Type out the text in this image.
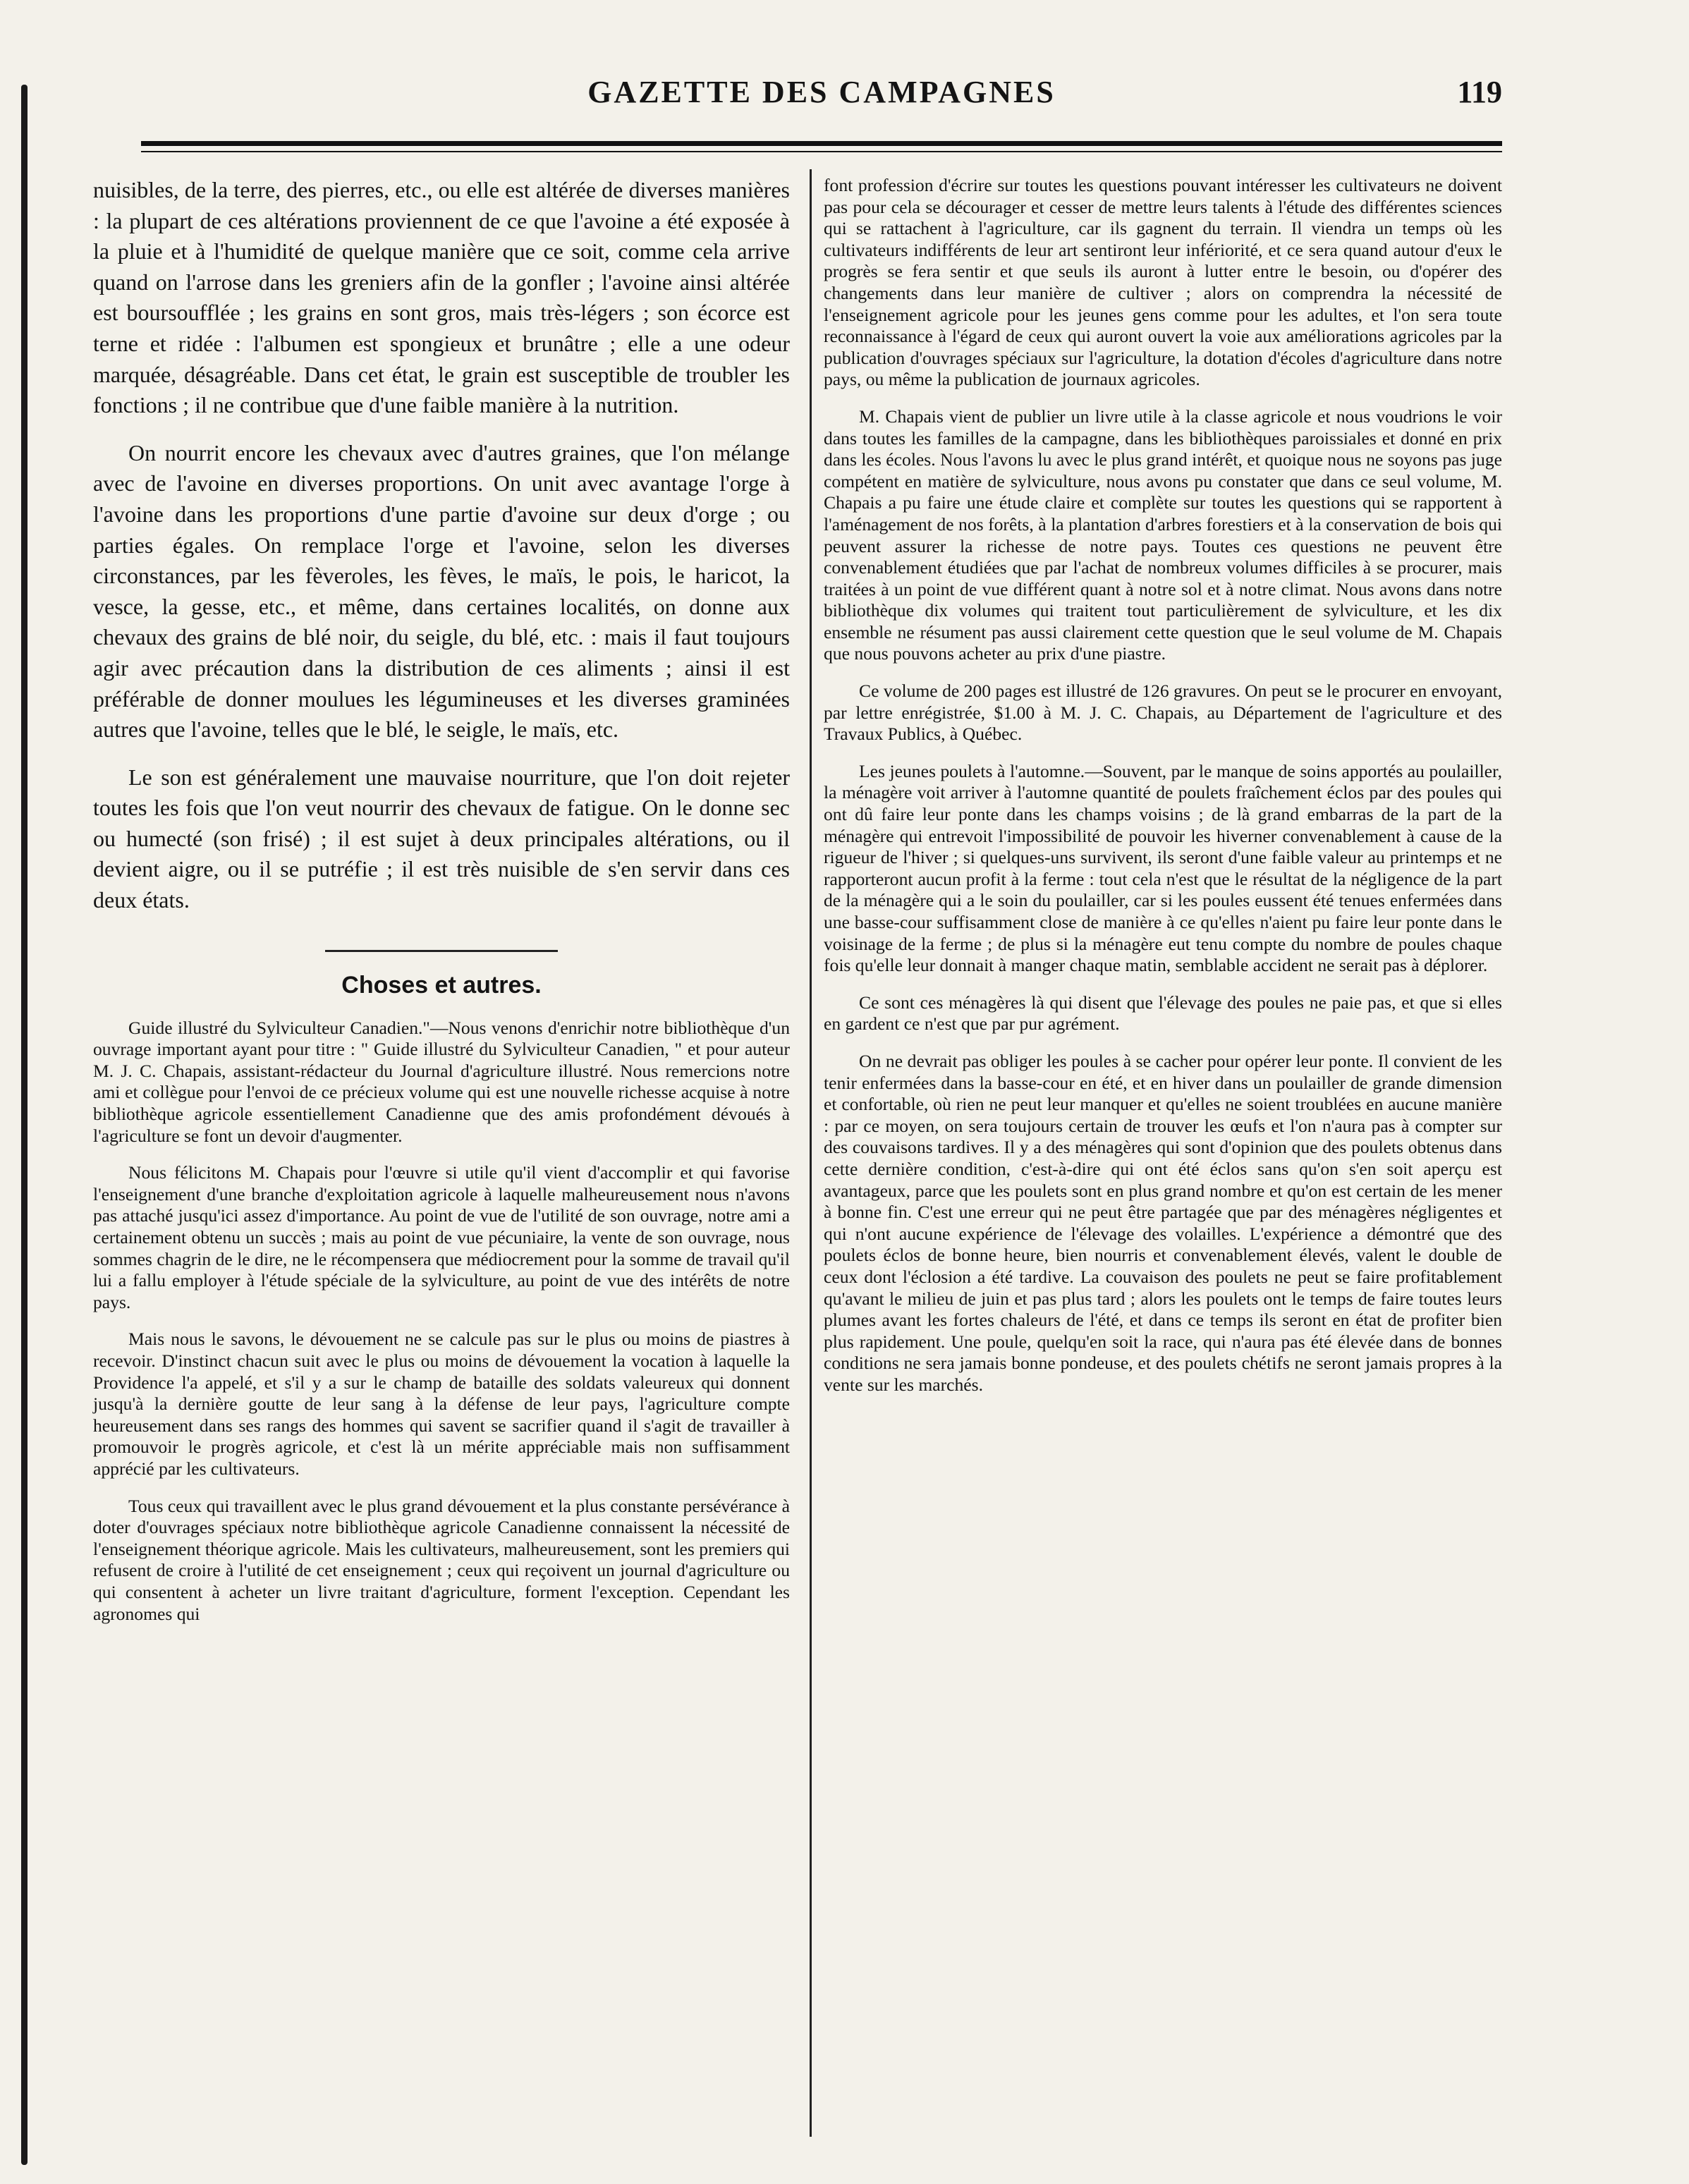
GAZETTE DES CAMPAGNES	119

nuisibles, de la terre, des pierres, etc., ou elle est altérée de diverses manières : la plupart de ces altérations proviennent de ce que l'avoine a été exposée à la pluie et à l'humidité de quelque manière que ce soit, comme cela arrive quand on l'arrose dans les greniers afin de la gonfler ; l'avoine ainsi altérée est boursoufflée ; les grains en sont gros, mais très-légers ; son écorce est terne et ridée : l'albumen est spongieux et brunâtre ; elle a une odeur marquée, désagréable. Dans cet état, le grain est susceptible de troubler les fonctions ; il ne contribue que d'une faible manière à la nutrition.

On nourrit encore les chevaux avec d'autres graines, que l'on mélange avec de l'avoine en diverses proportions. On unit avec avantage l'orge à l'avoine dans les proportions d'une partie d'avoine sur deux d'orge ; ou parties égales. On remplace l'orge et l'avoine, selon les diverses circonstances, par les fèveroles, les fèves, le maïs, le pois, le haricot, la vesce, la gesse, etc., et même, dans certaines localités, on donne aux chevaux des grains de blé noir, du seigle, du blé, etc. : mais il faut toujours agir avec précaution dans la distribution de ces aliments ; ainsi il est préférable de donner moulues les légumineuses et les diverses graminées autres que l'avoine, telles que le blé, le seigle, le maïs, etc.

Le son est généralement une mauvaise nourriture, que l'on doit rejeter toutes les fois que l'on veut nourrir des chevaux de fatigue. On le donne sec ou humecté (son frisé) ; il est sujet à deux principales altérations, ou il devient aigre, ou il se putréfie ; il est très nuisible de s'en servir dans ces deux états.

Choses et autres.

Guide illustré du Sylviculteur Canadien."—Nous venons d'enrichir notre bibliothèque d'un ouvrage important ayant pour titre : " Guide illustré du Sylviculteur Canadien, " et pour auteur M. J. C. Chapais, assistant-rédacteur du Journal d'agriculture illustré. Nous remercions notre ami et collègue pour l'envoi de ce précieux volume qui est une nouvelle richesse acquise à notre bibliothèque agricole essentiellement Canadienne que des amis profondément dévoués à l'agriculture se font un devoir d'augmenter.

Nous félicitons M. Chapais pour l'œuvre si utile qu'il vient d'accomplir et qui favorise l'enseignement d'une branche d'exploitation agricole à laquelle malheureusement nous n'avons pas attaché jusqu'ici assez d'importance. Au point de vue de l'utilité de son ouvrage, notre ami a certainement obtenu un succès ; mais au point de vue pécuniaire, la vente de son ouvrage, nous sommes chagrin de le dire, ne le récompensera que médiocrement pour la somme de travail qu'il lui a fallu employer à l'étude spéciale de la sylviculture, au point de vue des intérêts de notre pays.

Mais nous le savons, le dévouement ne se calcule pas sur le plus ou moins de piastres à recevoir. D'instinct chacun suit avec le plus ou moins de dévouement la vocation à laquelle la Providence l'a appelé, et s'il y a sur le champ de bataille des soldats valeureux qui donnent jusqu'à la dernière goutte de leur sang à la défense de leur pays, l'agriculture compte heureusement dans ses rangs des hommes qui savent se sacrifier quand il s'agit de travailler à promouvoir le progrès agricole, et c'est là un mérite appréciable mais non suffisamment apprécié par les cultivateurs.

Tous ceux qui travaillent avec le plus grand dévouement et la plus constante persévérance à doter d'ouvrages spéciaux notre bibliothèque agricole Canadienne connaissent la nécessité de l'enseignement théorique agricole. Mais les cultivateurs, malheureusement, sont les premiers qui refusent de croire à l'utilité de cet enseignement ; ceux qui reçoivent un journal d'agriculture ou qui consentent à acheter un livre traitant d'agriculture, forment l'exception. Cependant les agronomes qui

font profession d'écrire sur toutes les questions pouvant intéresser les cultivateurs ne doivent pas pour cela se décourager et cesser de mettre leurs talents à l'étude des différentes sciences qui se rattachent à l'agriculture, car ils gagnent du terrain. Il viendra un temps où les cultivateurs indifférents de leur art sentiront leur infériorité, et ce sera quand autour d'eux le progrès se fera sentir et que seuls ils auront à lutter entre le besoin, ou d'opérer des changements dans leur manière de cultiver ; alors on comprendra la nécessité de l'enseignement agricole pour les jeunes gens comme pour les adultes, et l'on sera toute reconnaissance à l'égard de ceux qui auront ouvert la voie aux améliorations agricoles par la publication d'ouvrages spéciaux sur l'agriculture, la dotation d'écoles d'agriculture dans notre pays, ou même la publication de journaux agricoles.

M. Chapais vient de publier un livre utile à la classe agricole et nous voudrions le voir dans toutes les familles de la campagne, dans les bibliothèques paroissiales et donné en prix dans les écoles. Nous l'avons lu avec le plus grand intérêt, et quoique nous ne soyons pas juge compétent en matière de sylviculture, nous avons pu constater que dans ce seul volume, M. Chapais a pu faire une étude claire et complète sur toutes les questions qui se rapportent à l'aménagement de nos forêts, à la plantation d'arbres forestiers et à la conservation de bois qui peuvent assurer la richesse de notre pays. Toutes ces questions ne peuvent être convenablement étudiées que par l'achat de nombreux volumes difficiles à se procurer, mais traitées à un point de vue différent quant à notre sol et à notre climat. Nous avons dans notre bibliothèque dix volumes qui traitent tout particulièrement de sylviculture, et les dix ensemble ne résument pas aussi clairement cette question que le seul volume de M. Chapais que nous pouvons acheter au prix d'une piastre.

Ce volume de 200 pages est illustré de 126 gravures. On peut se le procurer en envoyant, par lettre enrégistrée, $1.00 à M. J. C. Chapais, au Département de l'agriculture et des Travaux Publics, à Québec.

Les jeunes poulets à l'automne.—Souvent, par le manque de soins apportés au poulailler, la ménagère voit arriver à l'automne quantité de poulets fraîchement éclos par des poules qui ont dû faire leur ponte dans les champs voisins ; de là grand embarras de la part de la ménagère qui entrevoit l'impossibilité de pouvoir les hiverner convenablement à cause de la rigueur de l'hiver ; si quelques-uns survivent, ils seront d'une faible valeur au printemps et ne rapporteront aucun profit à la ferme : tout cela n'est que le résultat de la négligence de la part de la ménagère qui a le soin du poulailler, car si les poules eussent été tenues enfermées dans une basse-cour suffisamment close de manière à ce qu'elles n'aient pu faire leur ponte dans le voisinage de la ferme ; de plus si la ménagère eut tenu compte du nombre de poules chaque fois qu'elle leur donnait à manger chaque matin, semblable accident ne serait pas à déplorer.

Ce sont ces ménagères là qui disent que l'élevage des poules ne paie pas, et que si elles en gardent ce n'est que par pur agrément.

On ne devrait pas obliger les poules à se cacher pour opérer leur ponte. Il convient de les tenir enfermées dans la basse-cour en été, et en hiver dans un poulailler de grande dimension et confortable, où rien ne peut leur manquer et qu'elles ne soient troublées en aucune manière : par ce moyen, on sera toujours certain de trouver les œufs et l'on n'aura pas à compter sur des couvaisons tardives. Il y a des ménagères qui sont d'opinion que des poulets obtenus dans cette dernière condition, c'est-à-dire qui ont été éclos sans qu'on s'en soit aperçu est avantageux, parce que les poulets sont en plus grand nombre et qu'on est certain de les mener à bonne fin. C'est une erreur qui ne peut être partagée que par des ménagères négligentes et qui n'ont aucune expérience de l'élevage des volailles. L'expérience a démontré que des poulets éclos de bonne heure, bien nourris et convenablement élevés, valent le double de ceux dont l'éclosion a été tardive. La couvaison des poulets ne peut se faire profitablement qu'avant le milieu de juin et pas plus tard ; alors les poulets ont le temps de faire toutes leurs plumes avant les fortes chaleurs de l'été, et dans ce temps ils seront en état de profiter bien plus rapidement. Une poule, quelqu'en soit la race, qui n'aura pas été élevée dans de bonnes conditions ne sera jamais bonne pondeuse, et des poulets chétifs ne seront jamais propres à la vente sur les marchés.
